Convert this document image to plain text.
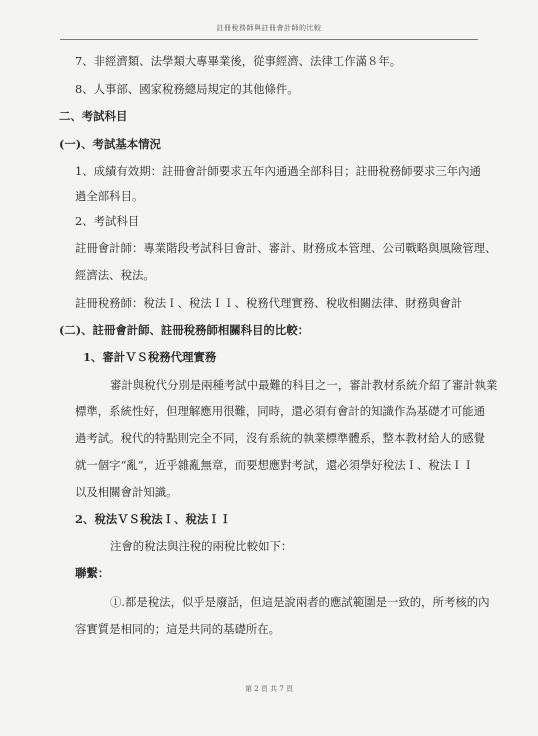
註冊稅務師與註冊會計師的比較
7、非經濟類、法學類大專畢業後，從事經濟、法律工作滿８年。
8、人事部、國家稅務總局規定的其他條件。
二、考試科目
(一)、考試基本情況
1、成績有效期：註冊會計師要求五年內通過全部科目；註冊稅務師要求三年內通
過全部科目。
2、考試科目
註冊會計師：專業階段考試科目會計、審計、財務成本管理、公司戰略與風險管理、
經濟法、稅法。
註冊稅務師：稅法Ｉ、稅法ＩＩ、稅務代理實務、稅收相關法律、財務與會計
(二)、註冊會計師、註冊稅務師相關科目的比較：
1、審計ＶＳ稅務代理實務
審計與稅代分別是兩種考試中最難的科目之一，審計教材系統介紹了審計執業
標準，系統性好，但理解應用很難，同時，還必須有會計的知識作為基礎才可能通
過考試。稅代的特點則完全不同，沒有系統的執業標準體系，整本教材給人的感覺
就一個字“亂”，近乎雜亂無章，而要想應對考試，還必須學好稅法Ｉ、稅法ＩＩ
以及相關會計知識。
2、稅法ＶＳ稅法Ｉ、稅法ＩＩ
注會的稅法與注稅的兩稅比較如下：
聯繫：
①.都是稅法，似乎是廢話，但這是說兩者的應試範圍是一致的，所考核的內
容實質是相同的；這是共同的基礎所在。
第 2 頁 共 7 頁
